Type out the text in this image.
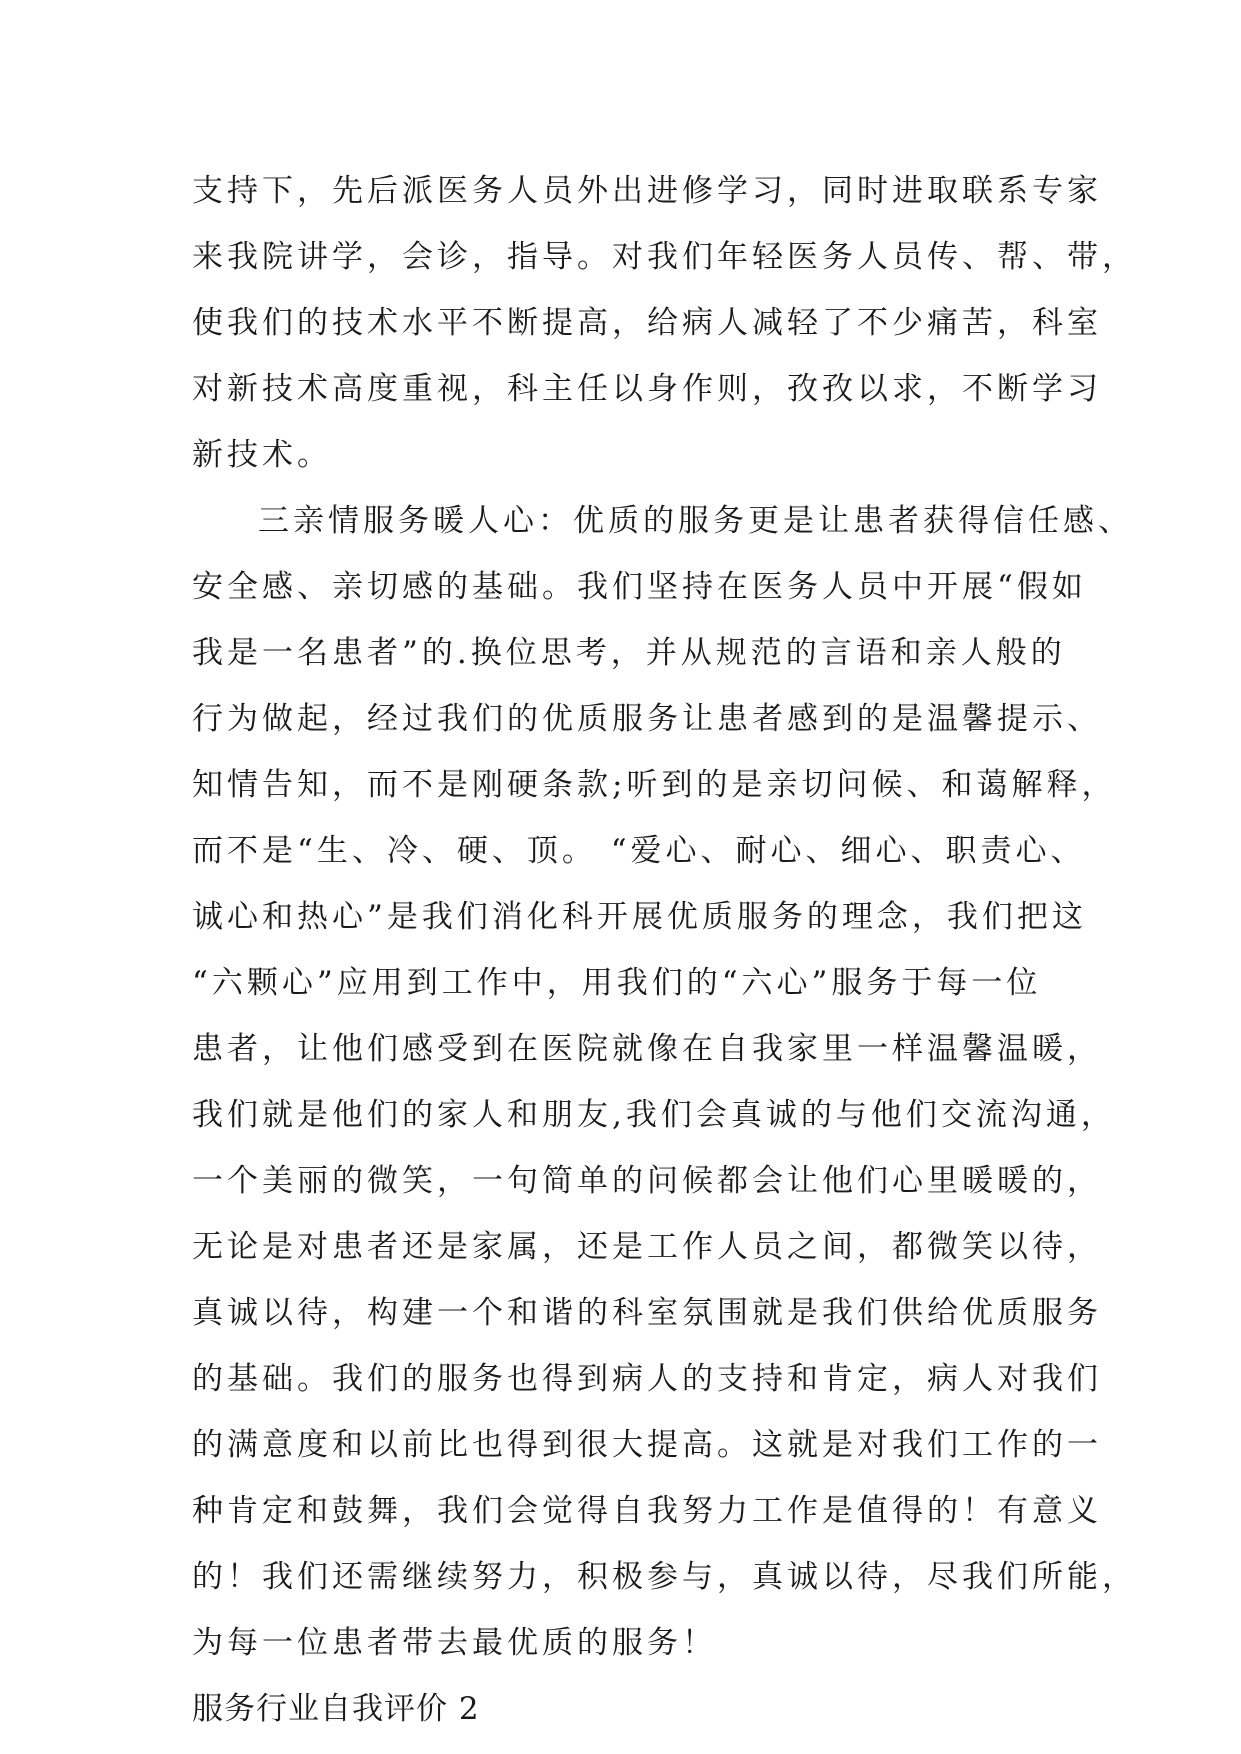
支持下，先后派医务人员外出进修学习，同时进取联系专家
来我院讲学，会诊，指导。对我们年轻医务人员传、帮、带，
使我们的技术水平不断提高，给病人减轻了不少痛苦，科室
对新技术高度重视，科主任以身作则，孜孜以求，不断学习
新技术。
三亲情服务暖人心：优质的服务更是让患者获得信任感、
安全感、亲切感的基础。我们坚持在医务人员中开展“假如
我是一名患者”的.换位思考，并从规范的言语和亲人般的
行为做起，经过我们的优质服务让患者感到的是温馨提示、
知情告知，而不是刚硬条款;听到的是亲切问候、和蔼解释，
而不是“生、冷、硬、顶。 “爱心、耐心、细心、职责心、
诚心和热心”是我们消化科开展优质服务的理念，我们把这
“六颗心”应用到工作中，用我们的“六心”服务于每一位
患者，让他们感受到在医院就像在自我家里一样温馨温暖，
我们就是他们的家人和朋友,我们会真诚的与他们交流沟通，
一个美丽的微笑，一句简单的问候都会让他们心里暖暖的，
无论是对患者还是家属，还是工作人员之间，都微笑以待，
真诚以待，构建一个和谐的科室氛围就是我们供给优质服务
的基础。我们的服务也得到病人的支持和肯定，病人对我们
的满意度和以前比也得到很大提高。这就是对我们工作的一
种肯定和鼓舞，我们会觉得自我努力工作是值得的！有意义
的！我们还需继续努力，积极参与，真诚以待，尽我们所能，
为每一位患者带去最优质的服务！
服务行业自我评价 2
